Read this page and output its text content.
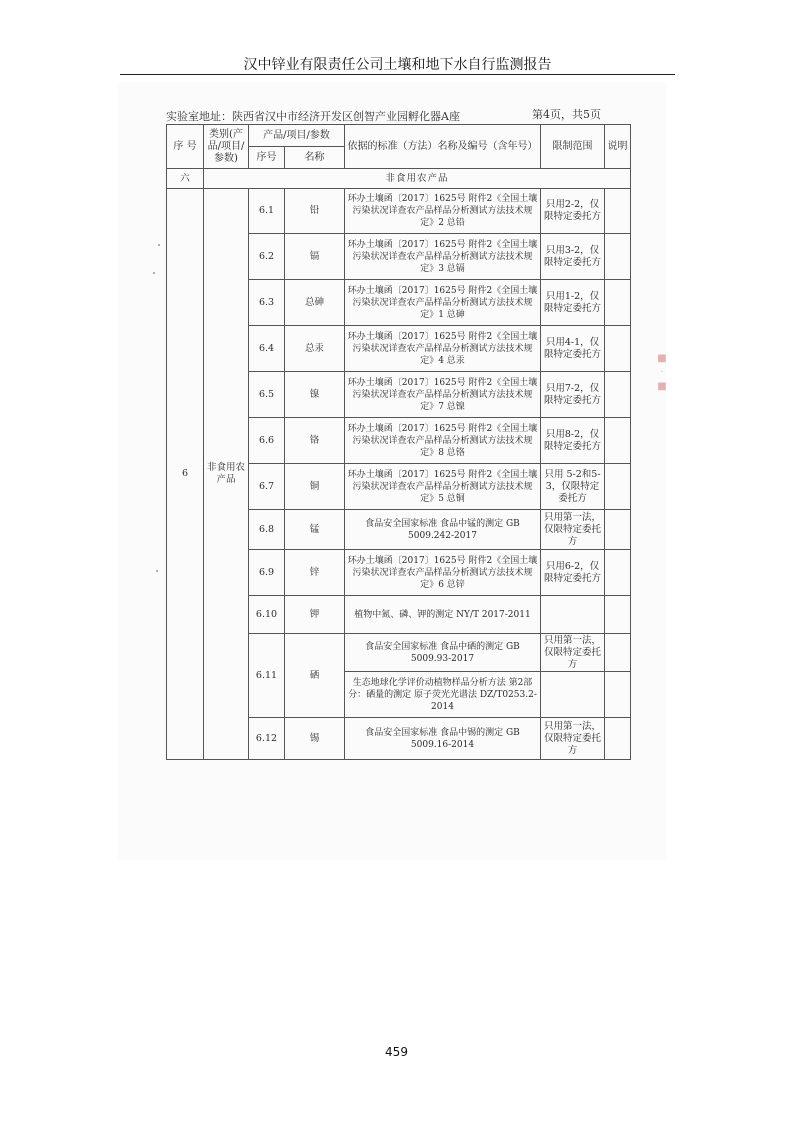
汉中锌业有限责任公司土壤和地下水自行监测报告
■
·
■
实验室地址：陕西省汉中市经济开发区创智产业园孵化器A座	第4页，共5页
序 号	类别(产品/项目/参数)	产品/项目/参数		依据的标准（方法）名称及编号（含年号）	限制范围	说明
		序号	名称			
六	非食用农产品					
6	非食用农产品	6.1	铅	环办土壤函〔2017〕1625号 附件2《全国土壤污染状况详查农产品样品分析测试方法技术规定》2 总铅	只用2-2，仅限特定委托方	
		6.2	镉	环办土壤函〔2017〕1625号 附件2《全国土壤污染状况详查农产品样品分析测试方法技术规定》3 总镉	只用3-2，仅限特定委托方	
		6.3	总砷	环办土壤函〔2017〕1625号 附件2《全国土壤污染状况详查农产品样品分析测试方法技术规定》1 总砷	只用1-2，仅限特定委托方	
		6.4	总汞	环办土壤函〔2017〕1625号 附件2《全国土壤污染状况详查农产品样品分析测试方法技术规定》4 总汞	只用4-1，仅限特定委托方	
		6.5	镍	环办土壤函〔2017〕1625号 附件2《全国土壤污染状况详查农产品样品分析测试方法技术规定》7 总镍	只用7-2，仅限特定委托方	
		6.6	铬	环办土壤函〔2017〕1625号 附件2《全国土壤污染状况详查农产品样品分析测试方法技术规定》8 总铬	只用8-2，仅限特定委托方	
		6.7	铜	环办土壤函〔2017〕1625号 附件2《全国土壤污染状况详查农产品样品分析测试方法技术规定》5 总铜	只用 5-2和5-3，仅限特定委托方	
		6.8	锰	食品安全国家标准 食品中锰的测定 GB 5009.242-2017	只用第一法，仅限特定委托方	
		6.9	锌	环办土壤函〔2017〕1625号 附件2《全国土壤污染状况详查农产品样品分析测试方法技术规定》6 总锌	只用6-2，仅限特定委托方	
		6.10	钾	植物中氮、磷、钾的测定 NY/T 2017-2011		
		6.11	硒	食品安全国家标准 食品中硒的测定 GB 5009.93-2017	只用第一法，仅限特定委托方	
				生态地球化学评价动植物样品分析方法 第2部分：硒量的测定 原子荧光光谱法 DZ/T0253.2-2014		
		6.12	锡	食品安全国家标准 食品中锡的测定 GB 5009.16-2014	只用第一法，仅限特定委托方	
459
